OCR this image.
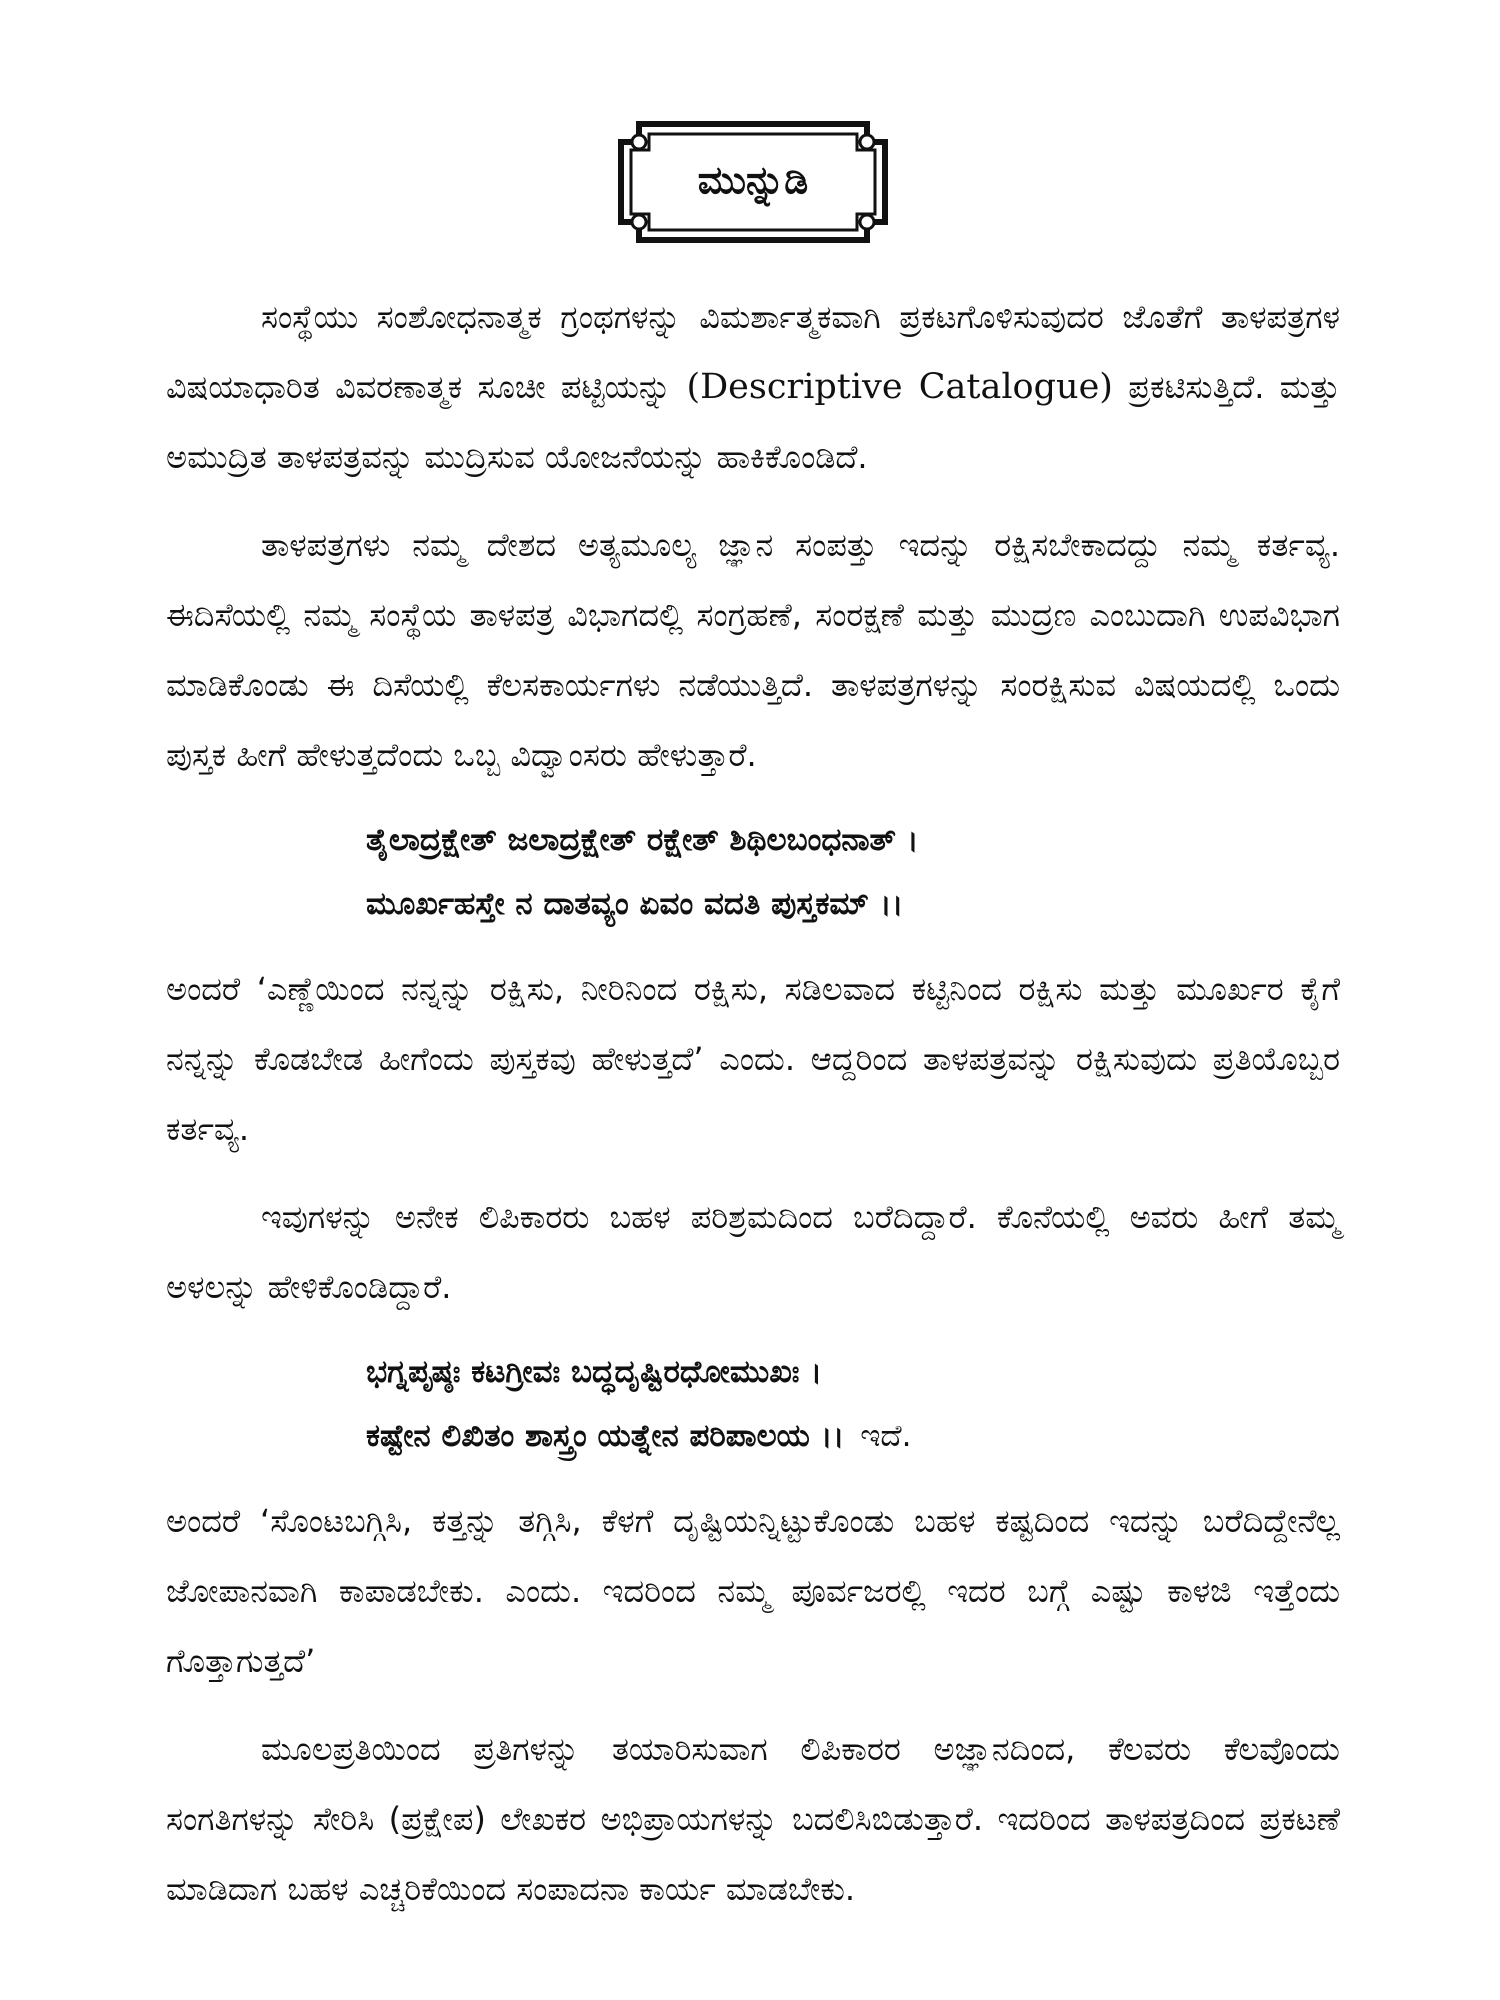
ಮುನ್ನುಡಿ

ಸಂಸ್ಥೆಯು ಸಂಶೋಧನಾತ್ಮಕ ಗ್ರಂಥಗಳನ್ನು ವಿಮರ್ಶಾತ್ಮಕವಾಗಿ ಪ್ರಕಟಗೊಳಿಸುವುದರ ಜೊತೆಗೆ ತಾಳಪತ್ರಗಳ ವಿಷಯಾಧಾರಿತ ವಿವರಣಾತ್ಮಕ ಸೂಚೀ ಪಟ್ಟಿಯನ್ನು (Descriptive Catalogue) ಪ್ರಕಟಿಸುತ್ತಿದೆ. ಮತ್ತು ಅಮುದ್ರಿತ ತಾಳಪತ್ರವನ್ನು ಮುದ್ರಿಸುವ ಯೋಜನೆಯನ್ನು ಹಾಕಿಕೊಂಡಿದೆ.

ತಾಳಪತ್ರಗಳು ನಮ್ಮ ದೇಶದ ಅತ್ಯಮೂಲ್ಯ ಜ್ಞಾನ ಸಂಪತ್ತು ಇದನ್ನು ರಕ್ಷಿಸಬೇಕಾದದ್ದು ನಮ್ಮ ಕರ್ತವ್ಯ. ಈದಿಸೆಯಲ್ಲಿ ನಮ್ಮ ಸಂಸ್ಥೆಯ ತಾಳಪತ್ರ ವಿಭಾಗದಲ್ಲಿ ಸಂಗ್ರಹಣೆ, ಸಂರಕ್ಷಣೆ ಮತ್ತು ಮುದ್ರಣ ಎಂಬುದಾಗಿ ಉಪವಿಭಾಗ ಮಾಡಿಕೊಂಡು ಈ ದಿಸೆಯಲ್ಲಿ ಕೆಲಸಕಾರ್ಯಗಳು ನಡೆಯುತ್ತಿದೆ. ತಾಳಪತ್ರಗಳನ್ನು ಸಂರಕ್ಷಿಸುವ ವಿಷಯದಲ್ಲಿ ಒಂದು ಪುಸ್ತಕ ಹೀಗೆ ಹೇಳುತ್ತದೆಂದು ಒಬ್ಬ ವಿದ್ವಾಂಸರು ಹೇಳುತ್ತಾರೆ.

ತೈಲಾದ್ರಕ್ಷೇತ್ ಜಲಾದ್ರಕ್ಷೇತ್ ರಕ್ಷೇತ್ ಶಿಥಿಲಬಂಧನಾತ್ ।
ಮೂರ್ಖಹಸ್ತೇ ನ ದಾತವ್ಯಂ ಏವಂ ವದತಿ ಪುಸ್ತಕಮ್ ।।

ಅಂದರೆ ‘ಎಣ್ಣೆಯಿಂದ ನನ್ನನ್ನು ರಕ್ಷಿಸು, ನೀರಿನಿಂದ ರಕ್ಷಿಸು, ಸಡಿಲವಾದ ಕಟ್ಟಿನಿಂದ ರಕ್ಷಿಸು ಮತ್ತು ಮೂರ್ಖರ ಕೈಗೆ ನನ್ನನ್ನು ಕೊಡಬೇಡ ಹೀಗೆಂದು ಪುಸ್ತಕವು ಹೇಳುತ್ತದೆ’ ಎಂದು. ಆದ್ದರಿಂದ ತಾಳಪತ್ರವನ್ನು ರಕ್ಷಿಸುವುದು ಪ್ರತಿಯೊಬ್ಬರ ಕರ್ತವ್ಯ.

ಇವುಗಳನ್ನು ಅನೇಕ ಲಿಪಿಕಾರರು ಬಹಳ ಪರಿಶ್ರಮದಿಂದ ಬರೆದಿದ್ದಾರೆ. ಕೊನೆಯಲ್ಲಿ ಅವರು ಹೀಗೆ ತಮ್ಮ ಅಳಲನ್ನು ಹೇಳಿಕೊಂಡಿದ್ದಾರೆ.

ಭಗ್ನಪೃಷ್ಠಃ ಕಟಗ್ರೀವಃ ಬದ್ಧದೃಷ್ಟಿರಧೋಮುಖಃ ।
ಕಷ್ಟೇನ ಲಿಖಿತಂ ಶಾಸ್ತ್ರಂ ಯತ್ನೇನ ಪರಿಪಾಲಯ ।। ಇದೆ.

ಅಂದರೆ ‘ಸೊಂಟಬಗ್ಗಿಸಿ, ಕತ್ತನ್ನು ತಗ್ಗಿಸಿ, ಕೆಳಗೆ ದೃಷ್ಟಿಯನ್ನಿಟ್ಟುಕೊಂಡು ಬಹಳ ಕಷ್ಟದಿಂದ ಇದನ್ನು ಬರೆದಿದ್ದೇನೆಲ್ಲ ಜೋಪಾನವಾಗಿ ಕಾಪಾಡಬೇಕು. ಎಂದು. ಇದರಿಂದ ನಮ್ಮ ಪೂರ್ವಜರಲ್ಲಿ ಇದರ ಬಗ್ಗೆ ಎಷ್ಟು ಕಾಳಜಿ ಇತ್ತೆಂದು ಗೊತ್ತಾಗುತ್ತದೆ’

ಮೂಲಪ್ರತಿಯಿಂದ ಪ್ರತಿಗಳನ್ನು ತಯಾರಿಸುವಾಗ ಲಿಪಿಕಾರರ ಅಜ್ಞಾನದಿಂದ, ಕೆಲವರು ಕೆಲವೊಂದು ಸಂಗತಿಗಳನ್ನು ಸೇರಿಸಿ (ಪ್ರಕ್ಷೇಪ) ಲೇಖಕರ ಅಭಿಪ್ರಾಯಗಳನ್ನು ಬದಲಿಸಿಬಿಡುತ್ತಾರೆ. ಇದರಿಂದ ತಾಳಪತ್ರದಿಂದ ಪ್ರಕಟಣೆ ಮಾಡಿದಾಗ ಬಹಳ ಎಚ್ಚರಿಕೆಯಿಂದ ಸಂಪಾದನಾ ಕಾರ್ಯ ಮಾಡಬೇಕು.
